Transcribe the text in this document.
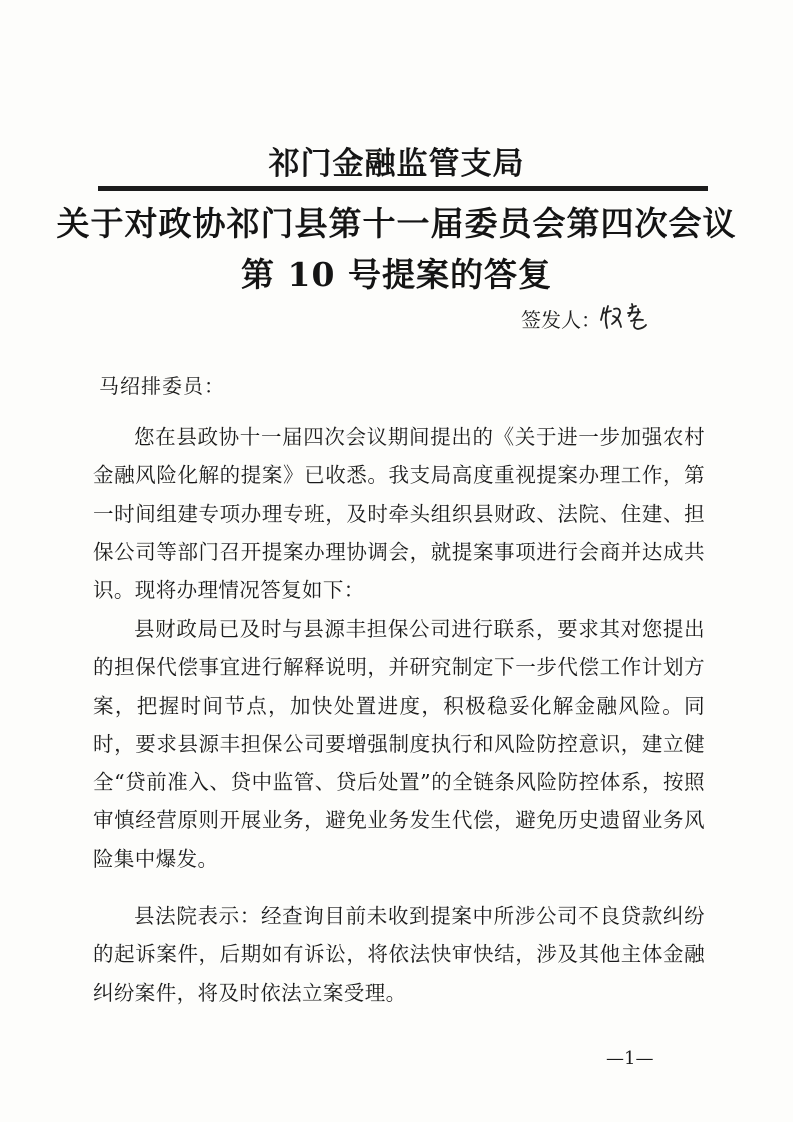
祁门金融监管支局
关于对政协祁门县第十一届委员会第四次会议
第 10 号提案的答复
签发人：
马绍排委员：

您在县政协十一届四次会议期间提出的《关于进一步加强农村金融风险化解的提案》已收悉。我支局高度重视提案办理工作，第一时间组建专项办理专班，及时牵头组织县财政、法院、住建、担保公司等部门召开提案办理协调会，就提案事项进行会商并达成共识。现将办理情况答复如下：

县财政局已及时与县源丰担保公司进行联系，要求其对您提出的担保代偿事宜进行解释说明，并研究制定下一步代偿工作计划方案，把握时间节点，加快处置进度，积极稳妥化解金融风险。同时，要求县源丰担保公司要增强制度执行和风险防控意识，建立健全“贷前准入、贷中监管、贷后处置”的全链条风险防控体系，按照审慎经营原则开展业务，避免业务发生代偿，避免历史遗留业务风险集中爆发。

县法院表示：经查询目前未收到提案中所涉公司不良贷款纠纷的起诉案件，后期如有诉讼，将依法快审快结，涉及其他主体金融纠纷案件，将及时依法立案受理。

—1—
